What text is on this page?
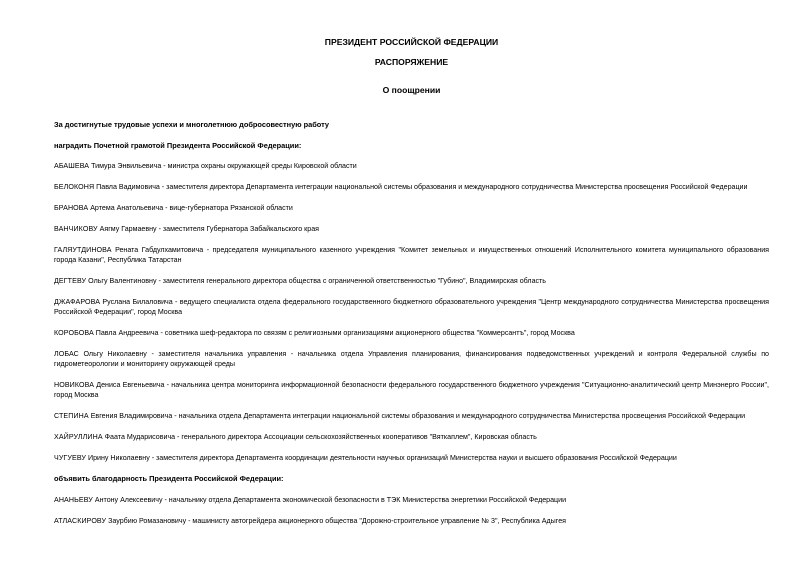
ПРЕЗИДЕНТ РОССИЙСКОЙ ФЕДЕРАЦИИ

РАСПОРЯЖЕНИЕ

О поощрении

За достигнутые трудовые успехи и многолетнюю добросовестную работу

наградить Почетной грамотой Президента Российской Федерации:

АБАШЕВА Тимура Энвильевича - министра охраны окружающей среды Кировской области

БЕЛОКОНЯ Павла Вадимовича - заместителя директора Департамента интеграции национальной системы образования и международного сотрудничества Министерства просвещения Российской Федерации

БРАНОВА Артема Анатольевича - вице-губернатора Рязанской области

ВАНЧИКОВУ Аягму Гармаевну - заместителя Губернатора Забайкальского края

ГАЛЯУТДИНОВА Рената Габдулхамитовича - председателя муниципального казенного учреждения "Комитет земельных и имущественных отношений Исполнительного комитета муниципального образования города Казани", Республика Татарстан

ДЕГТЕВУ Ольгу Валентиновну - заместителя генерального директора общества с ограниченной ответственностью "Губино", Владимирская область

ДЖАФАРОВА Руслана Билаловича - ведущего специалиста отдела федерального государственного бюджетного образовательного учреждения "Центр международного сотрудничества Министерства просвещения Российской Федерации", город Москва

КОРОБОВА Павла Андреевича - советника шеф-редактора по связям с религиозными организациями акционерного общества "Коммерсантъ", город Москва

ЛОБАС Ольгу Николаевну - заместителя начальника управления - начальника отдела Управления планирования, финансирования подведомственных учреждений и контроля Федеральной службы по гидрометеорологии и мониторингу окружающей среды

НОВИКОВА Дениса Евгеньевича - начальника центра мониторинга информационной безопасности федерального государственного бюджетного учреждения "Ситуационно-аналитический центр Минэнерго России", город Москва

СТЕПИНА Евгения Владимировича - начальника отдела Департамента интеграции национальной системы образования и международного сотрудничества Министерства просвещения Российской Федерации

ХАЙРУЛЛИНА Фаата Мударисовича - генерального директора Ассоциации сельскохозяйственных кооперативов "Вяткаплем", Кировская область

ЧУГУЕВУ Ирину Николаевну - заместителя директора Департамента координации деятельности научных организаций Министерства науки и высшего образования Российской Федерации

объявить благодарность Президента Российской Федерации:

АНАНЬЕВУ Антону Алексеевичу - начальнику отдела Департамента экономической безопасности в ТЭК Министерства энергетики Российской Федерации

АТЛАСКИРОВУ Заурбию Ромазановичу - машинисту автогрейдера акционерного общества "Дорожно-строительное управление № 3", Республика Адыгея
